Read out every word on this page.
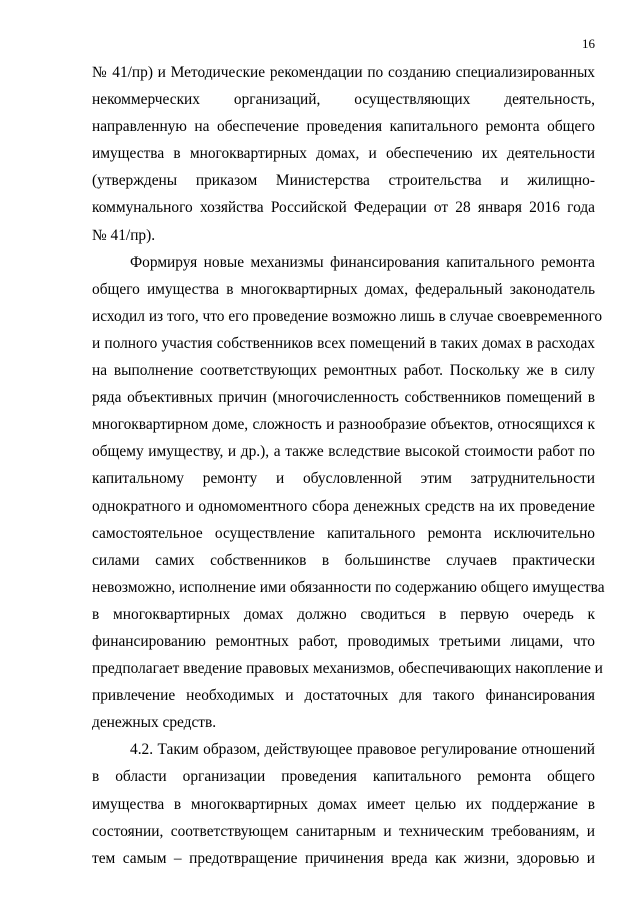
16
№ 41/пр) и Методические рекомендации по созданию специализированных
некоммерческих организаций, осуществляющих деятельность,
направленную на обеспечение проведения капитального ремонта общего
имущества в многоквартирных домах, и обеспечению их деятельности
(утверждены приказом Министерства строительства и жилищно-
коммунального хозяйства Российской Федерации от 28 января 2016 года
№ 41/пр).
Формируя новые механизмы финансирования капитального ремонта
общего имущества в многоквартирных домах, федеральный законодатель
исходил из того, что его проведение возможно лишь в случае своевременного
и полного участия собственников всех помещений в таких домах в расходах
на выполнение соответствующих ремонтных работ. Поскольку же в силу
ряда объективных причин (многочисленность собственников помещений в
многоквартирном доме, сложность и разнообразие объектов, относящихся к
общему имуществу, и др.), а также вследствие высокой стоимости работ по
капитальному ремонту и обусловленной этим затруднительности
однократного и одномоментного сбора денежных средств на их проведение
самостоятельное осуществление капитального ремонта исключительно
силами самих собственников в большинстве случаев практически
невозможно, исполнение ими обязанности по содержанию общего имущества
в многоквартирных домах должно сводиться в первую очередь к
финансированию ремонтных работ, проводимых третьими лицами, что
предполагает введение правовых механизмов, обеспечивающих накопление и
привлечение необходимых и достаточных для такого финансирования
денежных средств.
4.2. Таким образом, действующее правовое регулирование отношений
в области организации проведения капитального ремонта общего
имущества в многоквартирных домах имеет целью их поддержание в
состоянии, соответствующем санитарным и техническим требованиям, и
тем самым – предотвращение причинения вреда как жизни, здоровью и
